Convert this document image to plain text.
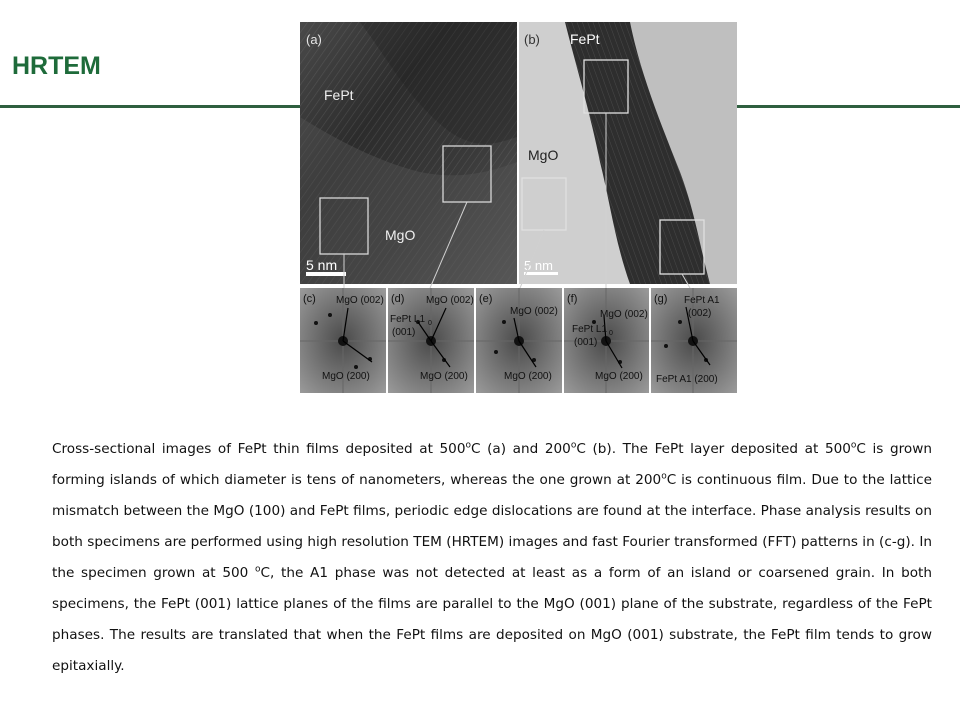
HRTEM
(a)
FePt
MgO
5 nm
(b) FePt
MgO
5 nm
(c) MgO (002)
MgO (200)
(d) MgO (002)
FePt L1 0
(001)
MgO (200)
(e)
MgO (002)
MgO (200)
(f)
MgO (002)
FePt L1 0
(001)
MgO (200)
(g) FePt A1
(002)
FePt A1 (200)

Cross-sectional images of FePt thin films deposited at 500$^o$C (a) and 200$^o$C (b). The FePt layer deposited at 500$^o$C is grown forming islands of which diameter is tens of nanometers, whereas the one grown at 200$^o$C is continuous film. Due to the lattice mismatch between the MgO (100) and FePt films, periodic edge dislocations are found at the interface. Phase analysis results on both specimens are performed using high resolution TEM (HRTEM) images and fast Fourier transformed (FFT) patterns in (c-g). In the specimen grown at 500 $^o$C, the A1 phase was not detected at least as a form of an island or coarsened grain. In both specimens, the FePt (001) lattice planes of the films are parallel to the MgO (001) plane of the substrate, regardless of the FePt phases. The results are translated that when the FePt films are deposited on MgO (001) substrate, the FePt film tends to grow epitaxially.
